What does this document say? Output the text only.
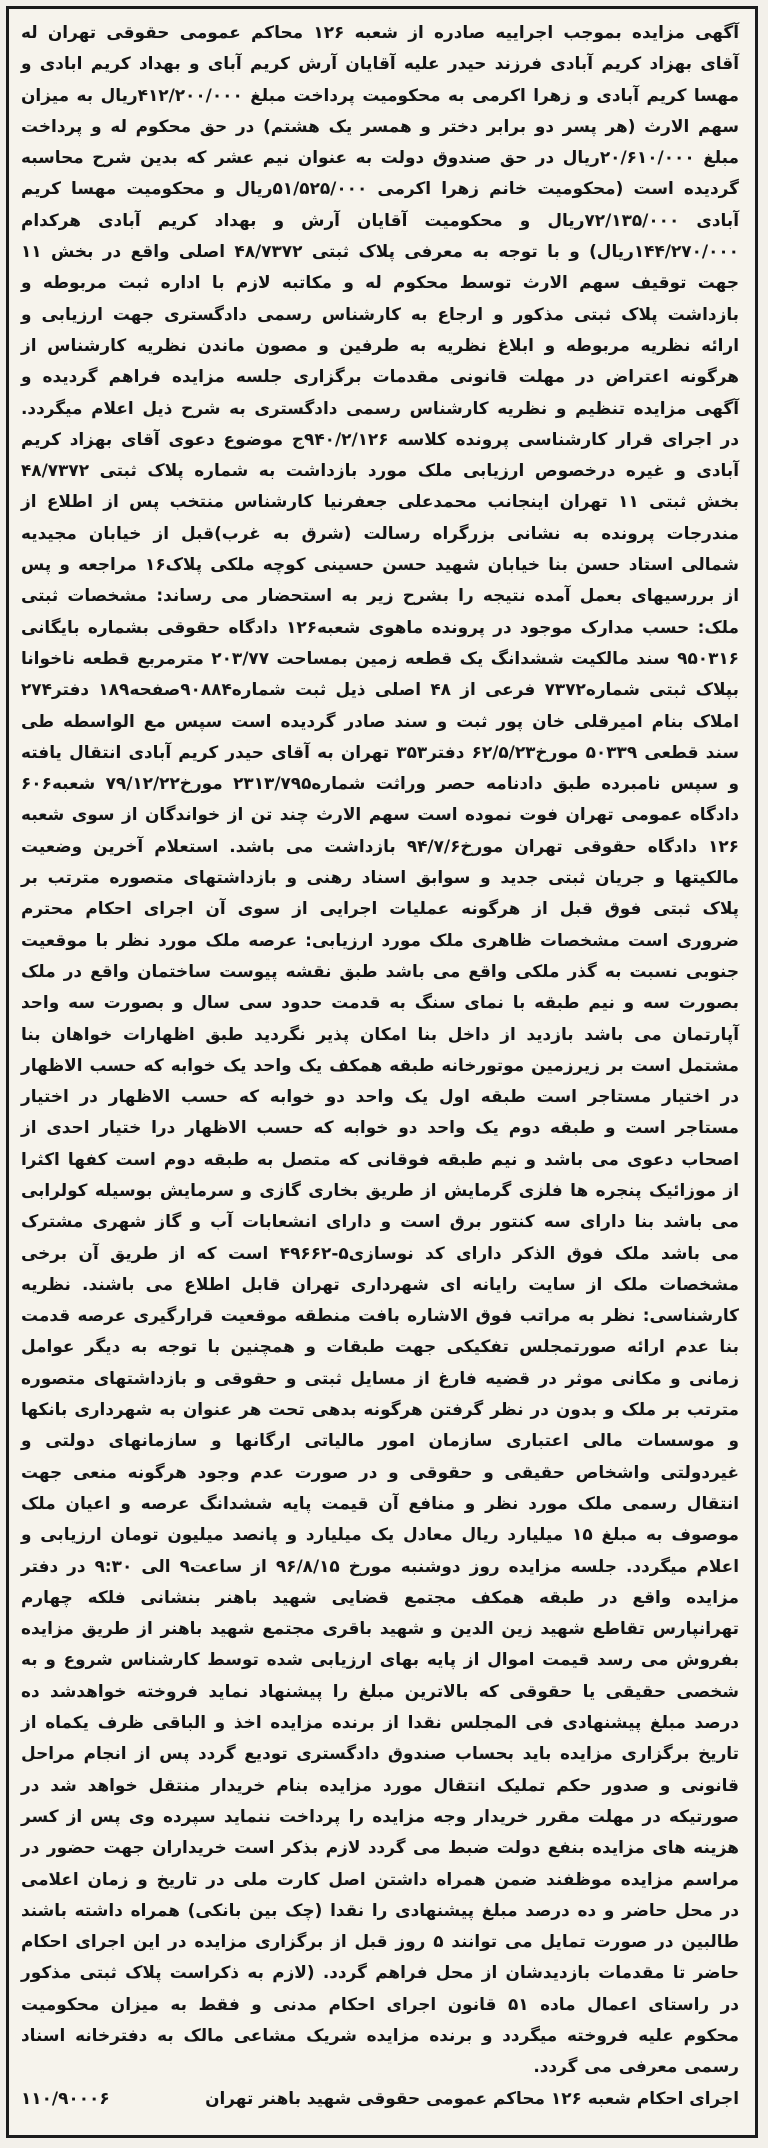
آگهی مزایده بموجب اجراییه صادره از شعبه ۱۲۶ محاکم عمومی حقوقی تهران له آقای بهزاد کریم آبادی فرزند حیدر علیه آقایان آرش کریم آبای و بهداد کریم ابادی و مهسا کریم آبادی و زهرا اکرمی به محکومیت پرداخت مبلغ ۴۱۲/۲۰۰/۰۰۰ریال به میزان سهم الارث (هر پسر دو برابر دختر و همسر یک هشتم) در حق محکوم له و پرداخت مبلغ ۲۰/۶۱۰/۰۰۰ریال در حق صندوق دولت به عنوان نیم عشر که بدین شرح محاسبه گردیده است (محکومیت خانم زهرا اکرمی ۵۱/۵۲۵/۰۰۰ریال و محکومیت مهسا کریم آبادی ۷۲/۱۳۵/۰۰۰ریال و محکومیت آقایان آرش و بهداد کریم آبادی هرکدام ۱۴۴/۲۷۰/۰۰۰ریال) و با توجه به معرفی پلاک ثبتی ۴۸/۷۳۷۲ اصلی واقع در بخش ۱۱ جهت توقیف سهم الارث توسط محکوم له و مکاتبه لازم با اداره ثبت مربوطه و بازداشت پلاک ثبتی مذکور و ارجاع به کارشناس رسمی دادگستری جهت ارزیابی و ارائه نظریه مربوطه و ابلاغ نظریه به طرفین و مصون ماندن نظریه کارشناس از هرگونه اعتراض در مهلت قانونی مقدمات برگزاری جلسه مزایده فراهم گردیده و آگهی مزایده تنظیم و نظریه کارشناس رسمی دادگستری به شرح ذیل اعلام میگردد. در اجرای قرار کارشناسی پرونده کلاسه ۹۴۰/۲/۱۲۶ج موضوع دعوی آقای بهزاد کریم آبادی و غیره درخصوص ارزیابی ملک مورد بازداشت به شماره پلاک ثبتی ۴۸/۷۳۷۲ بخش ثبتی ۱۱ تهران اینجانب محمدعلی جعفرنیا کارشناس منتخب پس از اطلاع از مندرجات پرونده به نشانی بزرگراه رسالت (شرق به غرب)قبل از خیابان مجیدیه شمالی استاد حسن بنا خیابان شهید حسن حسینی کوچه ملکی پلاک۱۶ مراجعه و پس از بررسیهای بعمل آمده نتیجه را بشرح زیر به استحضار می رساند: مشخصات ثبتی ملک: حسب مدارک موجود در پرونده ماهوی شعبه۱۲۶ دادگاه حقوقی بشماره بایگانی ۹۵۰۳۱۶ سند مالکیت ششدانگ یک قطعه زمین بمساحت ۲۰۳/۷۷ مترمربع قطعه ناخوانا بپلاک ثبتی شماره۷۳۷۲ فرعی از ۴۸ اصلی ذیل ثبت شماره۹۰۸۸۴صفحه۱۸۹ دفتر۲۷۴ املاک بنام امیرقلی خان پور ثبت و سند صادر گردیده است سپس مع الواسطه طی سند قطعی ۵۰۳۳۹ مورخ۶۲/۵/۲۳ دفتر۳۵۳ تهران به آقای حیدر کریم آبادی انتقال یافته و سپس نامبرده طبق دادنامه حصر وراثت شماره۲۳۱۳/۷۹۵ مورخ۷۹/۱۲/۲۲ شعبه۶۰۶ دادگاه عمومی تهران فوت نموده است سهم الارث چند تن از خواندگان از سوی شعبه ۱۲۶ دادگاه حقوقی تهران مورخ۹۴/۷/۶ بازداشت می باشد. استعلام آخرین وضعیت مالکیتها و جریان ثبتی جدید و سوابق اسناد رهنی و بازداشتهای متصوره مترتب بر پلاک ثبتی فوق قبل از هرگونه عملیات اجرایی از سوی آن اجرای احکام محترم ضروری است مشخصات ظاهری ملک مورد ارزیابی: عرصه ملک مورد نظر با موقعیت جنوبی نسبت به گذر ملکی واقع می باشد طبق نقشه پیوست ساختمان واقع در ملک بصورت سه و نیم طبقه با نمای سنگ به قدمت حدود سی سال و بصورت سه واحد آپارتمان می باشد بازدید از داخل بنا امکان پذیر نگردید طبق اظهارات خواهان بنا مشتمل است بر زیرزمین موتورخانه طبقه همکف یک واحد یک خوابه که حسب الاظهار در اختیار مستاجر است طبقه اول یک واحد دو خوابه که حسب الاظهار در اختیار مستاجر است و طبقه دوم یک واحد دو خوابه که حسب الاظهار درا ختیار احدی از اصحاب دعوی می باشد و نیم طبقه فوقانی که متصل به طبقه دوم است کفها اکثرا از موزائیک پنجره ها فلزی گرمایش از طریق بخاری گازی و سرمایش بوسیله کولرابی می باشد بنا دارای سه کنتور برق است و دارای انشعابات آب و گاز شهری مشترک می باشد ملک فوق الذکر دارای کد نوسازی۵-۴۹۶۶۲ است که از طریق آن برخی مشخصات ملک از سایت رایانه ای شهرداری تهران قابل اطلاع می باشند. نظریه کارشناسی: نظر به مراتب فوق الاشاره بافت منطقه موقعیت قرارگیری عرصه قدمت بنا عدم ارائه صورتمجلس تفکیکی جهت طبقات و همچنین با توجه به دیگر عوامل زمانی و مکانی موثر در قضیه فارغ از مسایل ثبتی و حقوقی و بازداشتهای متصوره مترتب بر ملک و بدون در نظر گرفتن هرگونه بدهی تحت هر عنوان به شهرداری بانکها و موسسات مالی اعتباری سازمان امور مالیاتی ارگانها و سازمانهای دولتی و غیردولتی واشخاص حقیقی و حقوقی و در صورت عدم وجود هرگونه منعی جهت انتقال رسمی ملک مورد نظر و منافع آن قیمت پایه ششدانگ عرصه و اعیان ملک موصوف به مبلغ ۱۵ میلیارد ریال معادل یک میلیارد و پانصد میلیون تومان ارزیابی و اعلام میگردد. جلسه مزایده روز دوشنبه مورخ ۹۶/۸/۱۵ از ساعت۹ الی ۹:۳۰ در دفتر مزایده واقع در طبقه همکف مجتمع قضایی شهید باهنر بنشانی فلکه چهارم تهرانپارس تقاطع شهید زین الدین و شهید باقری مجتمع شهید باهنر از طریق مزایده بفروش می رسد قیمت اموال از پایه بهای ارزیابی شده توسط کارشناس شروع و به شخصی حقیقی یا حقوقی که بالاترین مبلغ را پیشنهاد نماید فروخته خواهدشد ده درصد مبلغ پیشنهادی فی المجلس نقدا از برنده مزایده اخذ و الباقی ظرف یکماه از تاریخ برگزاری مزایده باید بحساب صندوق دادگستری تودیع گردد پس از انجام مراحل قانونی و صدور حکم تملیک انتقال مورد مزایده بنام خریدار منتقل خواهد شد در صورتیکه در مهلت مقرر خریدار وجه مزایده را پرداخت ننماید سپرده وی پس از کسر هزینه های مزایده بنفع دولت ضبط می گردد لازم بذکر است خریداران جهت حضور در مراسم مزایده موظفند ضمن همراه داشتن اصل کارت ملی در تاریخ و زمان اعلامی در محل حاضر و ده درصد مبلغ پیشنهادی را نقدا (چک بین بانکی) همراه داشته باشند طالبین در صورت تمایل می توانند ۵ روز قبل از برگزاری مزایده در این اجرای احکام حاضر تا مقدمات بازدیدشان از محل فراهم گردد. (لازم به ذکراست پلاک ثبتی مذکور در راستای اعمال ماده ۵۱ قانون اجرای احکام مدنی و فقط به میزان محکومیت محکوم علیه فروخته میگردد و برنده مزایده شریک مشاعی مالک به دفترخانه اسناد رسمی معرفی می گردد.

اجرای احکام شعبه ۱۲۶ محاکم عمومی حقوقی شهید باهنر تهران
۱۱۰/۹۰۰۰۶
